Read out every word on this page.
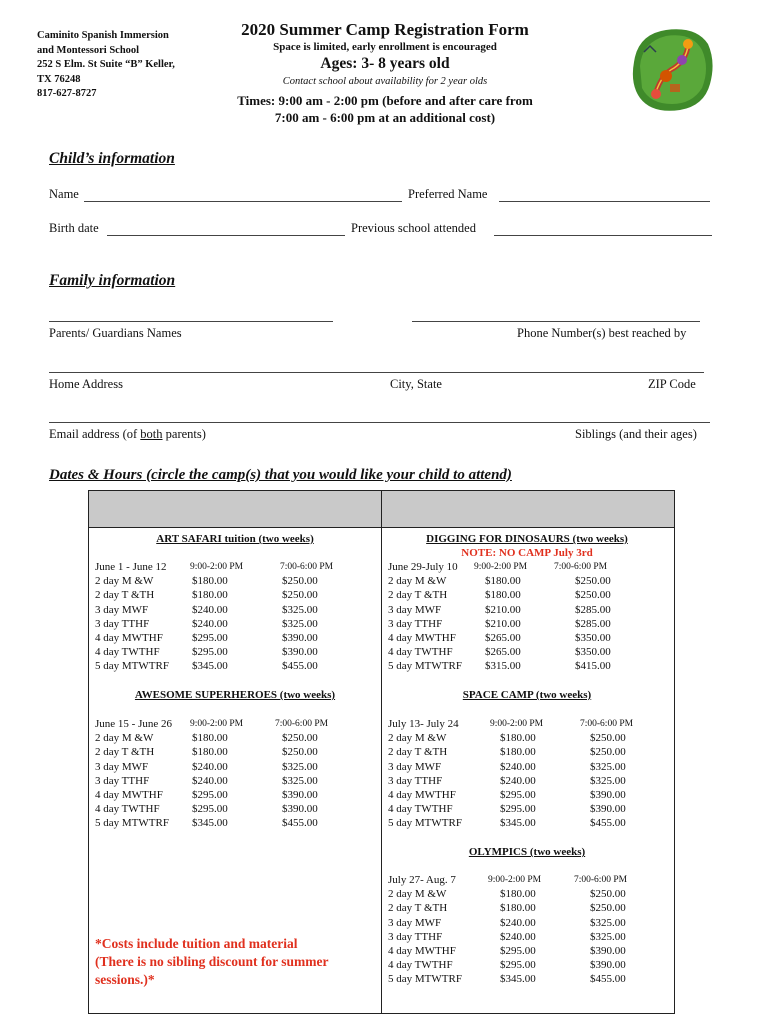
Caminito Spanish Immersion
and Montessori School
252 S Elm. St Suite “B” Keller,
TX 76248
817-627-8727
2020 Summer Camp Registration Form
Space is limited, early enrollment is encouraged
Ages: 3- 8 years old
Contact school about availability for 2 year olds
Times: 9:00 am - 2:00 pm (before and after care from
7:00 am - 6:00 pm at an additional cost)
Child’s information
Name	Preferred Name
Birth date	Previous school attended
Family information
Parents/ Guardians Names	Phone Number(s) best reached by
Home Address	City, State	ZIP Code
Email address (of both parents)	Siblings (and their ages)
Dates & Hours (circle the camp(s) that you would like your child to attend)
ART SAFARI tuition (two weeks)
June 1 - June 12 9:00-2:00 PM	7:00-6:00 PM
2 day M &W	$180.00	$250.00
2 day T &TH	$180.00	$250.00
3 day MWF	$240.00	$325.00
3 day TTHF	$240.00	$325.00
4 day MWTHF	$295.00	$390.00
4 day TWTHF	$295.00	$390.00
5 day MTWTRF $345.00	$455.00
DIGGING FOR DINOSAURS (two weeks)
NOTE: NO CAMP July 3rd
June 29-July 10 9:00-2:00 PM	7:00-6:00 PM
2 day M &W	$180.00	$250.00
2 day T &TH	$180.00	$250.00
3 day MWF	$210.00	$285.00
3 day TTHF	$210.00	$285.00
4 day MWTHF	$265.00	$350.00
4 day TWTHF	$265.00	$350.00
5 day MTWTRF $315.00	$415.00
AWESOME SUPERHEROES (two weeks)
June 15 - June 26 9:00-2:00 PM	7:00-6:00 PM
2 day M &W	$180.00	$250.00
2 day T &TH	$180.00	$250.00
3 day MWF	$240.00	$325.00
3 day TTHF	$240.00	$325.00
4 day MWTHF	$295.00	$390.00
4 day TWTHF	$295.00	$390.00
5 day MTWTRF $345.00	$455.00
SPACE CAMP (two weeks)
July 13- July 24	9:00-2:00 PM	7:00-6:00 PM
2 day M &W	$180.00	$250.00
2 day T &TH	$180.00	$250.00
3 day MWF	$240.00	$325.00
3 day TTHF	$240.00	$325.00
4 day MWTHF	$295.00	$390.00
4 day TWTHF	$295.00	$390.00
5 day MTWTRF	$345.00	$455.00
OLYMPICS (two weeks)
July 27- Aug. 7	9:00-2:00 PM	7:00-6:00 PM
2 day M &W	$180.00	$250.00
2 day T &TH	$180.00	$250.00
3 day MWF	$240.00	$325.00
3 day TTHF	$240.00	$325.00
4 day MWTHF	$295.00	$390.00
4 day TWTHF	$295.00	$390.00
5 day MTWTRF	$345.00	$455.00
*Costs include tuition and material
(There is no sibling discount for summer
sessions.)*
